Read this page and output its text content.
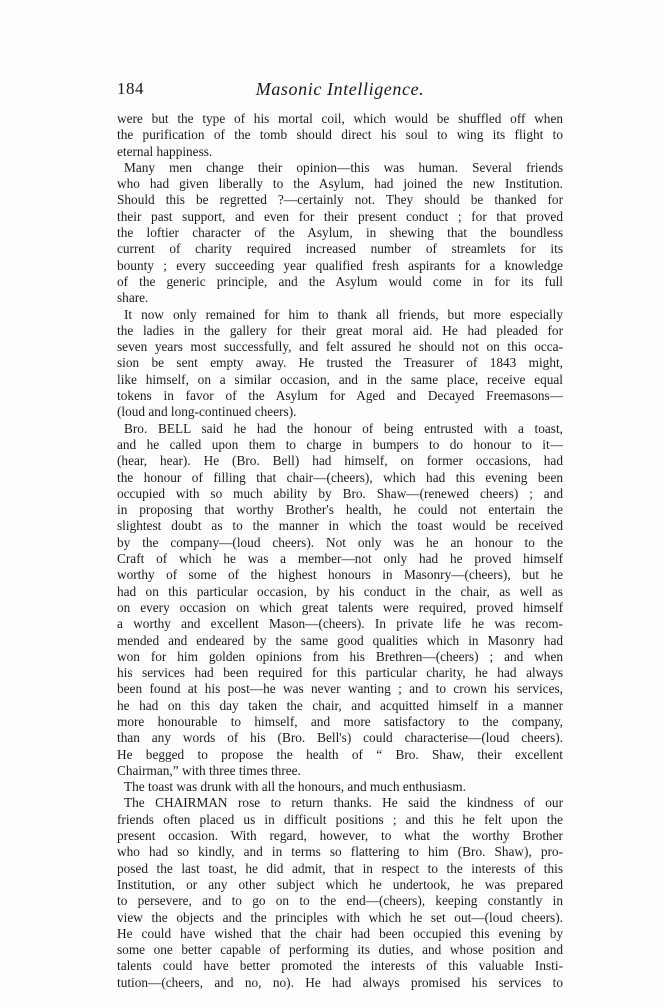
184	Masonic Intelligence.
were but the type of his mortal coil, which would be shuffled off when
the purification of the tomb should direct his soul to wing its flight to
eternal happiness.
Many men change their opinion—this was human. Several friends
who had given liberally to the Asylum, had joined the new Institution.
Should this be regretted ?—certainly not. They should be thanked for
their past support, and even for their present conduct ; for that proved
the loftier character of the Asylum, in shewing that the boundless
current of charity required increased number of streamlets for its
bounty ; every succeeding year qualified fresh aspirants for a knowledge
of the generic principle, and the Asylum would come in for its full
share.
It now only remained for him to thank all friends, but more especially
the ladies in the gallery for their great moral aid. He had pleaded for
seven years most successfully, and felt assured he should not on this occa-
sion be sent empty away. He trusted the Treasurer of 1843 might,
like himself, on a similar occasion, and in the same place, receive equal
tokens in favor of the Asylum for Aged and Decayed Freemasons—
(loud and long-continued cheers).
Bro. BELL said he had the honour of being entrusted with a toast,
and he called upon them to charge in bumpers to do honour to it—
(hear, hear). He (Bro. Bell) had himself, on former occasions, had
the honour of filling that chair—(cheers), which had this evening been
occupied with so much ability by Bro. Shaw—(renewed cheers) ; and
in proposing that worthy Brother's health, he could not entertain the
slightest doubt as to the manner in which the toast would be received
by the company—(loud cheers). Not only was he an honour to the
Craft of which he was a member—not only had he proved himself
worthy of some of the highest honours in Masonry—(cheers), but he
had on this particular occasion, by his conduct in the chair, as well as
on every occasion on which great talents were required, proved himself
a worthy and excellent Mason—(cheers). In private life he was recom-
mended and endeared by the same good qualities which in Masonry had
won for him golden opinions from his Brethren—(cheers) ; and when
his services had been required for this particular charity, he had always
been found at his post—he was never wanting ; and to crown his services,
he had on this day taken the chair, and acquitted himself in a manner
more honourable to himself, and more satisfactory to the company,
than any words of his (Bro. Bell's) could characterise—(loud cheers).
He begged to propose the health of “ Bro. Shaw, their excellent
Chairman,” with three times three.
The toast was drunk with all the honours, and much enthusiasm.
The CHAIRMAN rose to return thanks. He said the kindness of our
friends often placed us in difficult positions ; and this he felt upon the
present occasion. With regard, however, to what the worthy Brother
who had so kindly, and in terms so flattering to him (Bro. Shaw), pro-
posed the last toast, he did admit, that in respect to the interests of this
Institution, or any other subject which he undertook, he was prepared
to persevere, and to go on to the end—(cheers), keeping constantly in
view the objects and the principles with which he set out—(loud cheers).
He could have wished that the chair had been occupied this evening by
some one better capable of performing its duties, and whose position and
talents could have better promoted the interests of this valuable Insti-
tution—(cheers, and no, no). He had always promised his services to
